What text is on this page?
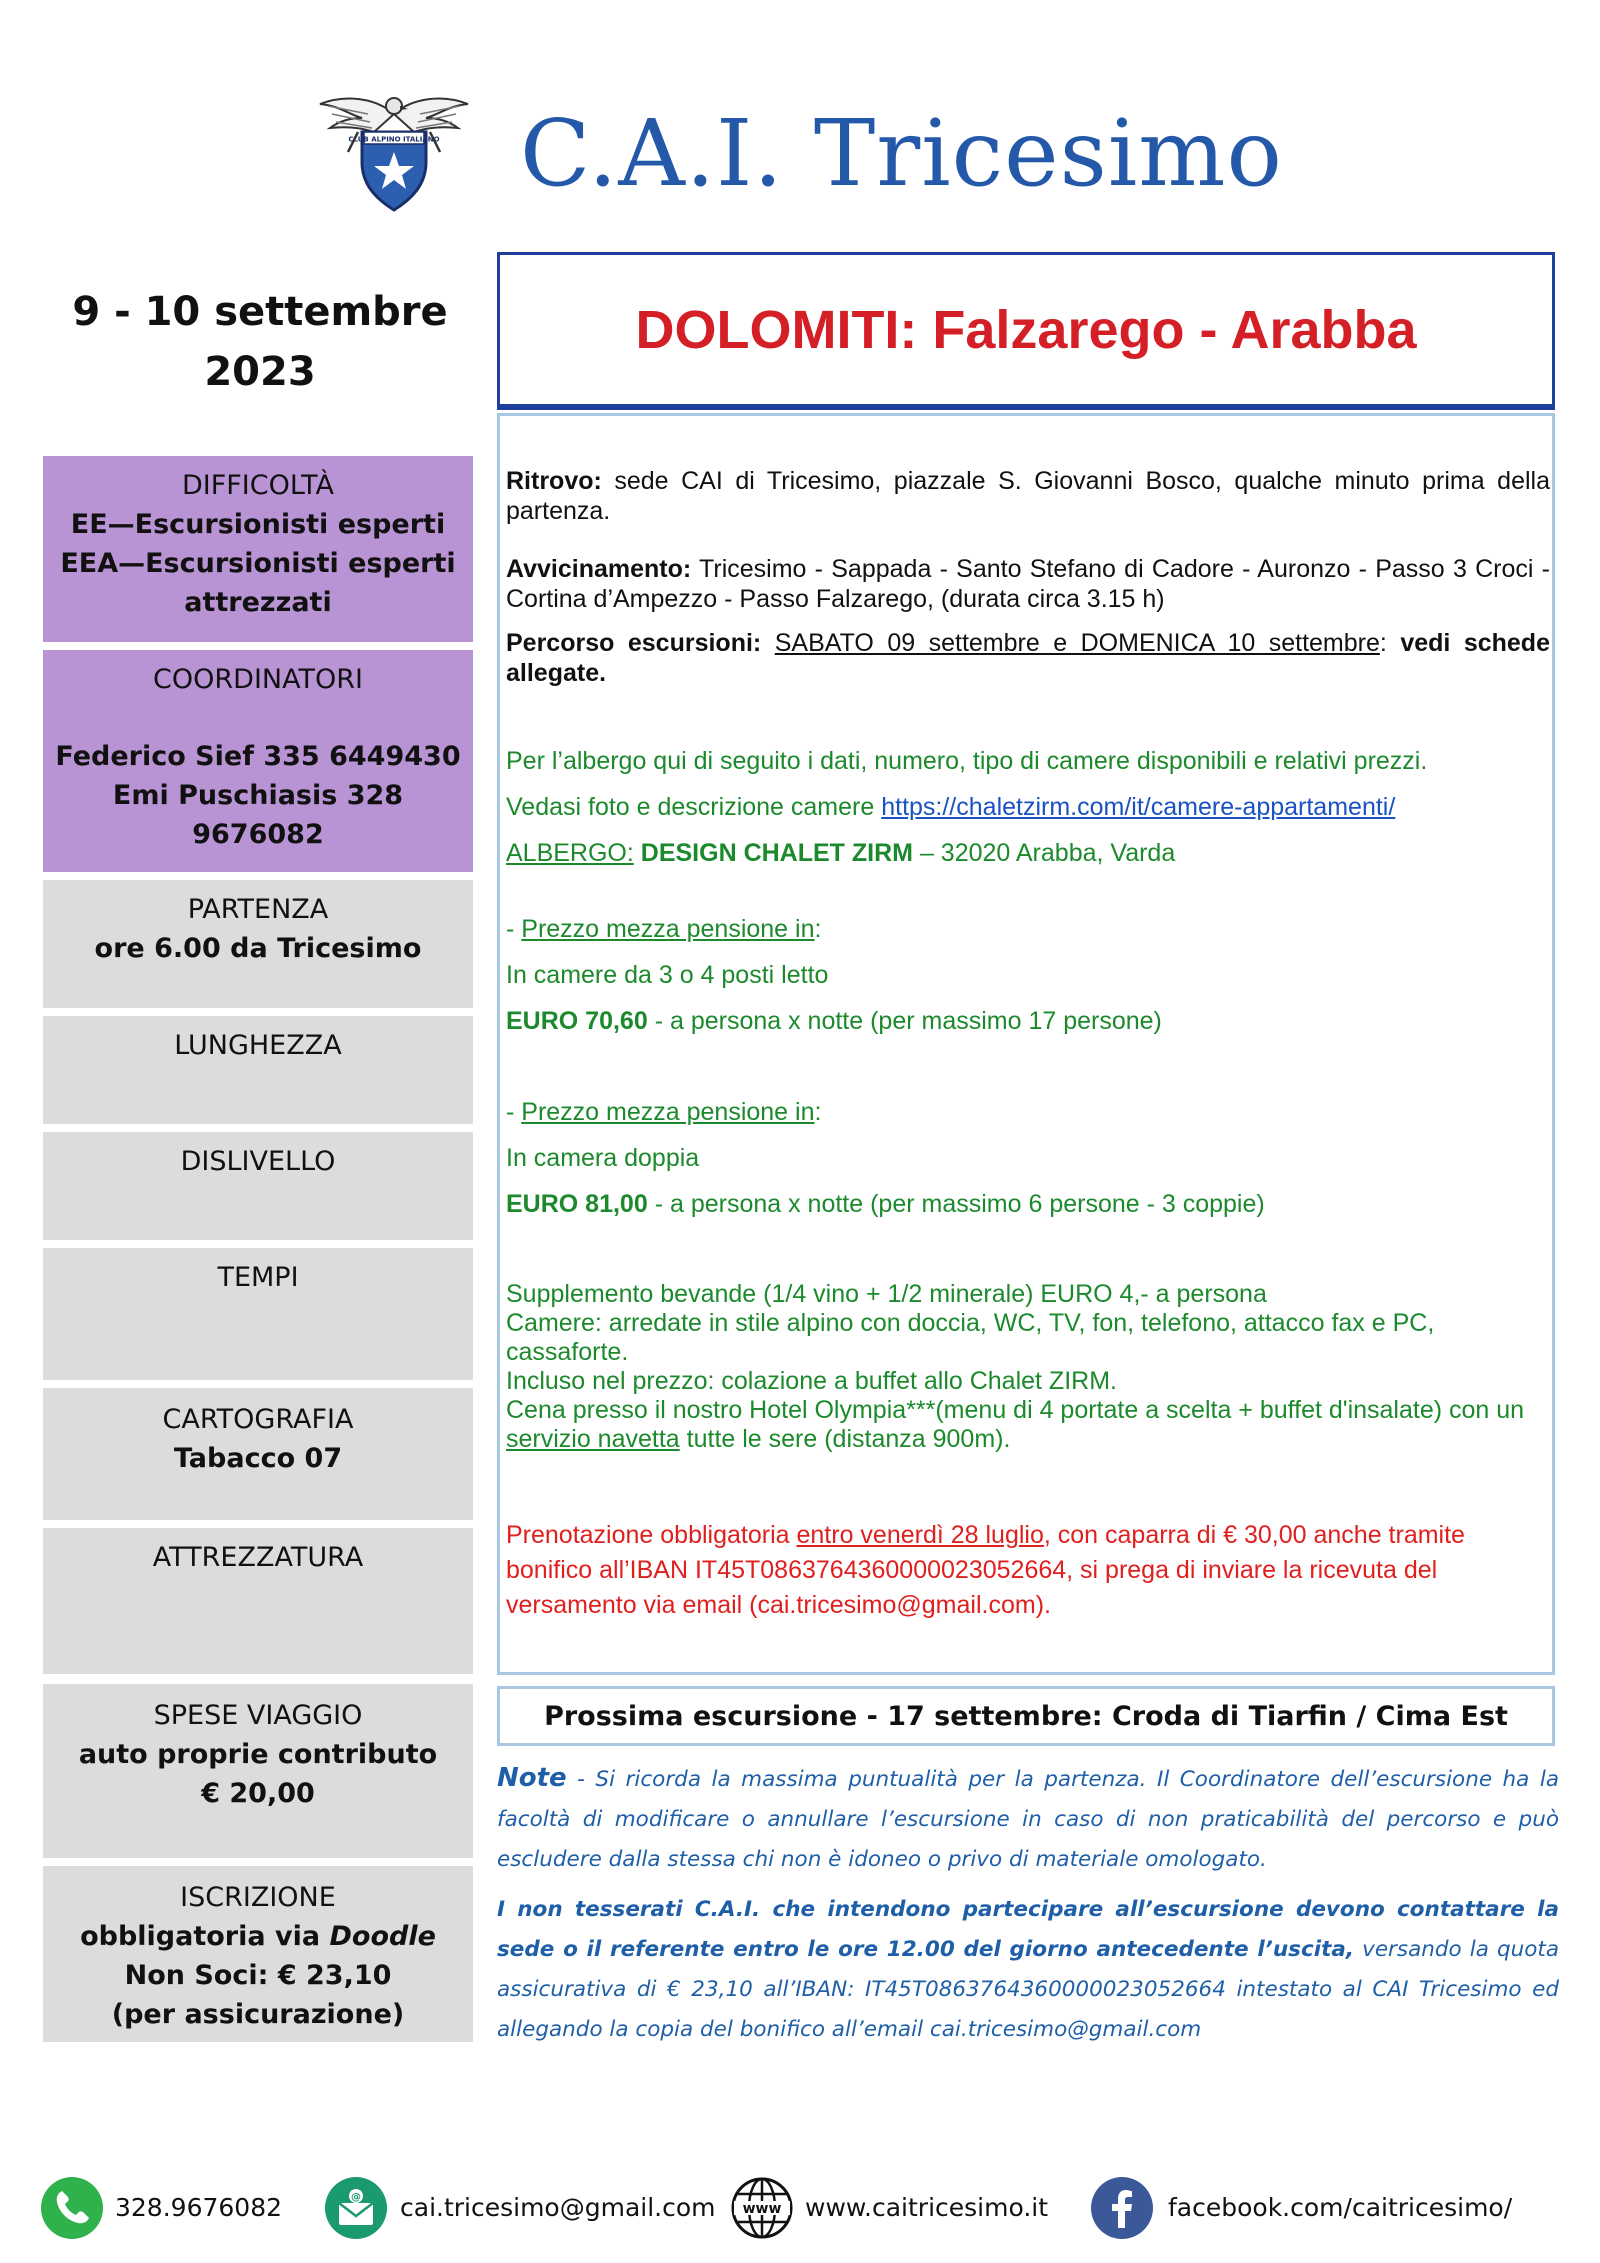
CLUB ALPINO ITALIANO C.A.I. Tricesimo
9 - 10 settembre
2023
DOLOMITI: Falzarego - Arabba
DIFFICOLTÀ
EE—Escursionisti esperti
EEA—Escursionisti esperti
attrezzati
COORDINATORI
Federico Sief 335 6449430
Emi Puschiasis 328 9676082
PARTENZA
ore 6.00 da Tricesimo
LUNGHEZZA
DISLIVELLO
TEMPI
CARTOGRAFIA
Tabacco 07
ATTREZZATURA
SPESE VIAGGIO
auto proprie contributo
€ 20,00
ISCRIZIONE
obbligatoria via Doodle
Non Soci: € 23,10
(per assicurazione)
Ritrovo: sede CAI di Tricesimo, piazzale S. Giovanni Bosco, qualche minuto prima della partenza.
Avvicinamento: Tricesimo - Sappada - Santo Stefano di Cadore - Auronzo - Passo 3 Croci - Cortina d’Ampezzo - Passo Falzarego, (durata circa 3.15 h)
Percorso escursioni: SABATO 09 settembre e DOMENICA 10 settembre: vedi schede allegate.
Per l’albergo qui di seguito i dati, numero, tipo di camere disponibili e relativi prezzi.
Vedasi foto e descrizione camere https://chaletzirm.com/it/camere-appartamenti/
ALBERGO: DESIGN CHALET ZIRM – 32020 Arabba, Varda
- Prezzo mezza pensione in:
In camere da 3 o 4 posti letto
EURO 70,60 - a persona x notte (per massimo 17 persone)
- Prezzo mezza pensione in:
In camera doppia
EURO 81,00 - a persona x notte (per massimo 6 persone - 3 coppie)
Supplemento bevande (1/4 vino + 1/2 minerale) EURO 4,- a persona
Camere: arredate in stile alpino con doccia, WC, TV, fon, telefono, attacco fax e PC, cassaforte.
Incluso nel prezzo: colazione a buffet allo Chalet ZIRM.
Cena presso il nostro Hotel Olympia***(menu di 4 portate a scelta + buffet d'insalate) con un servizio navetta tutte le sere (distanza 900m).
Prenotazione obbligatoria entro venerdì 28 luglio, con caparra di € 30,00 anche tramite bonifico all’IBAN IT45T0863764360000023052664, si prega di inviare la ricevuta del versamento via email (cai.tricesimo@gmail.com).
Prossima escursione - 17 settembre: Croda di Tiarfin / Cima Est
Note - Si ricorda la massima puntualità per la partenza. Il Coordinatore dell’escursione ha la facoltà di modificare o annullare l’escursione in caso di non praticabilità del percorso e può escludere dalla stessa chi non è idoneo o privo di materiale omologato.
I non tesserati C.A.I. che intendono partecipare all’escursione devono contattare la sede o il referente entro le ore 12.00 del giorno antecedente l’uscita, versando la quota assicurativa di € 23,10 all’IBAN: IT45T0863764360000023052664 intestato al CAI Tricesimo ed allegando la copia del bonifico all’email cai.tricesimo@gmail.com
328.9676082	@ cai.tricesimo@gmail.com www www.caitricesimo.it	facebook.com/caitricesimo/
